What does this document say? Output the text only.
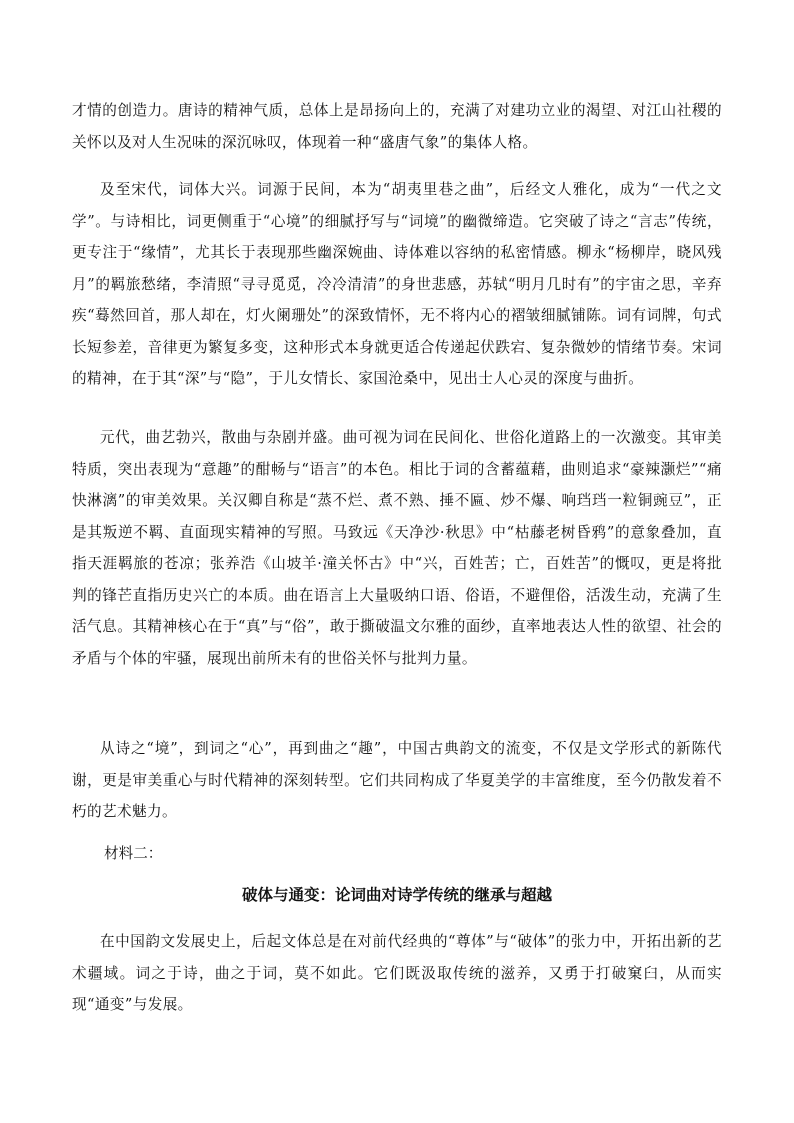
才情的创造力。唐诗的精神气质，总体上是昂扬向上的，充满了对建功立业的渴望、对江山社稷的关怀以及对人生况味的深沉咏叹，体现着一种“盛唐气象”的集体人格。

及至宋代，词体大兴。词源于民间，本为“胡夷里巷之曲”，后经文人雅化，成为“一代之文学”。与诗相比，词更侧重于“心境”的细腻抒写与“词境”的幽微缔造。它突破了诗之“言志”传统，更专注于“缘情”，尤其长于表现那些幽深婉曲、诗体难以容纳的私密情感。柳永“杨柳岸，晓风残月”的羁旅愁绪，李清照“寻寻觅觅，冷冷清清”的身世悲感，苏轼“明月几时有”的宇宙之思，辛弃疾“蓦然回首，那人却在，灯火阑珊处”的深致情怀，无不将内心的褶皱细腻铺陈。词有词牌，句式长短参差，音律更为繁复多变，这种形式本身就更适合传递起伏跌宕、复杂微妙的情绪节奏。宋词的精神，在于其“深”与“隐”，于儿女情长、家国沧桑中，见出士人心灵的深度与曲折。

元代，曲艺勃兴，散曲与杂剧并盛。曲可视为词在民间化、世俗化道路上的一次激变。其审美特质，突出表现为“意趣”的酣畅与“语言”的本色。相比于词的含蓄蕴藉，曲则追求“豪辣灏烂”“痛快淋漓”的审美效果。关汉卿自称是“蒸不烂、煮不熟、捶不匾、炒不爆、响珰珰一粒铜豌豆”，正是其叛逆不羁、直面现实精神的写照。马致远《天净沙·秋思》中“枯藤老树昏鸦”的意象叠加，直指天涯羁旅的苍凉；张养浩《山坡羊·潼关怀古》中“兴，百姓苦；亡，百姓苦”的慨叹，更是将批判的锋芒直指历史兴亡的本质。曲在语言上大量吸纳口语、俗语，不避俚俗，活泼生动，充满了生活气息。其精神核心在于“真”与“俗”，敢于撕破温文尔雅的面纱，直率地表达人性的欲望、社会的矛盾与个体的牢骚，展现出前所未有的世俗关怀与批判力量。

从诗之“境”，到词之“心”，再到曲之“趣”，中国古典韵文的流变，不仅是文学形式的新陈代谢，更是审美重心与时代精神的深刻转型。它们共同构成了华夏美学的丰富维度，至今仍散发着不朽的艺术魅力。

材料二：

破体与通变：论词曲对诗学传统的继承与超越

在中国韵文发展史上，后起文体总是在对前代经典的“尊体”与“破体”的张力中，开拓出新的艺术疆域。词之于诗，曲之于词，莫不如此。它们既汲取传统的滋养，又勇于打破窠臼，从而实现“通变”与发展。
